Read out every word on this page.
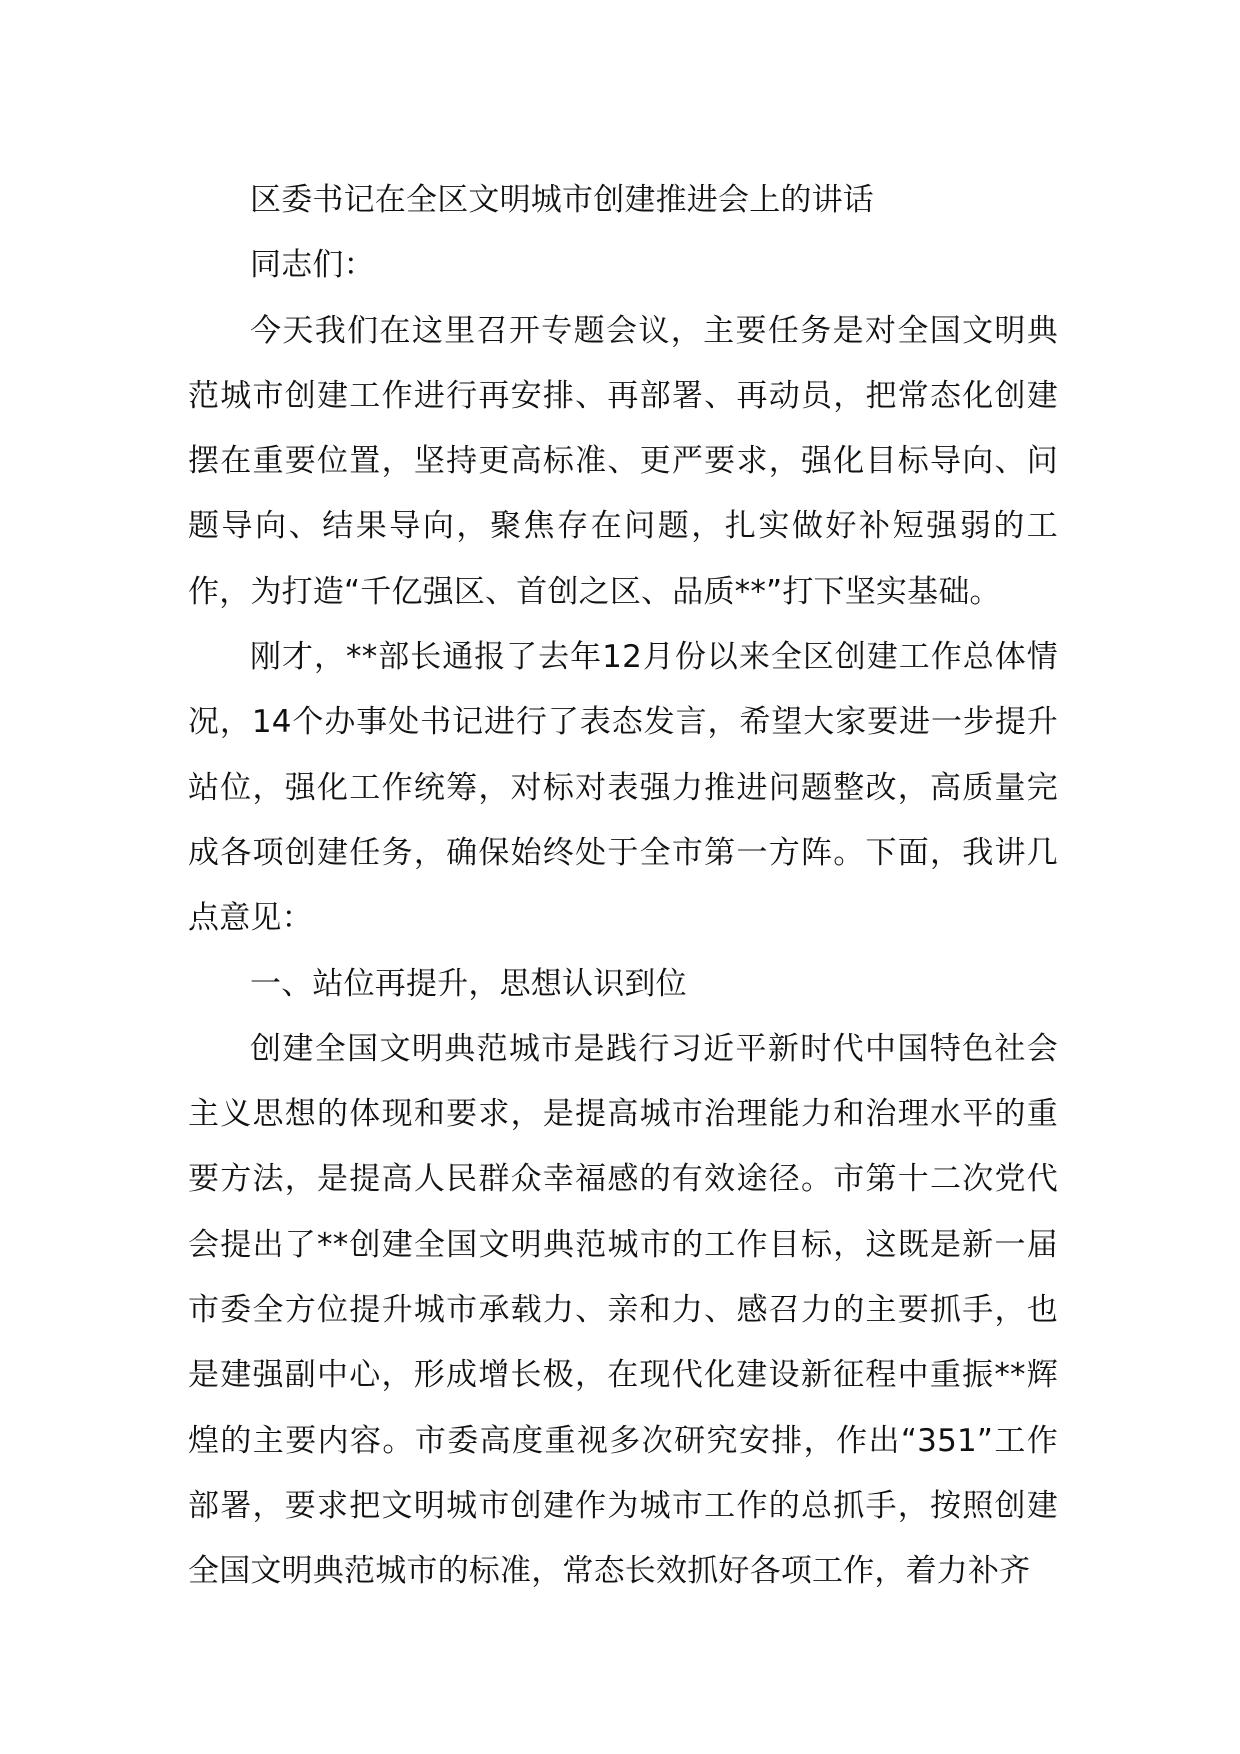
区委书记在全区文明城市创建推进会上的讲话

同志们：

今天我们在这里召开专题会议，主要任务是对全国文明典范城市创建工作进行再安排、再部署、再动员，把常态化创建摆在重要位置，坚持更高标准、更严要求，强化目标导向、问题导向、结果导向，聚焦存在问题，扎实做好补短强弱的工作，为打造“千亿强区、首创之区、品质**”打下坚实基础。

刚才，**部长通报了去年12月份以来全区创建工作总体情况，14个办事处书记进行了表态发言，希望大家要进一步提升站位，强化工作统筹，对标对表强力推进问题整改，高质量完成各项创建任务，确保始终处于全市第一方阵。下面，我讲几点意见：

一、站位再提升，思想认识到位

创建全国文明典范城市是践行习近平新时代中国特色社会主义思想的体现和要求，是提高城市治理能力和治理水平的重要方法，是提高人民群众幸福感的有效途径。市第十二次党代会提出了**创建全国文明典范城市的工作目标，这既是新一届市委全方位提升城市承载力、亲和力、感召力的主要抓手，也是建强副中心，形成增长极，在现代化建设新征程中重振**辉煌的主要内容。市委高度重视多次研究安排，作出“351”工作部署，要求把文明城市创建作为城市工作的总抓手，按照创建全国文明典范城市的标准，常态长效抓好各项工作，着力补齐
